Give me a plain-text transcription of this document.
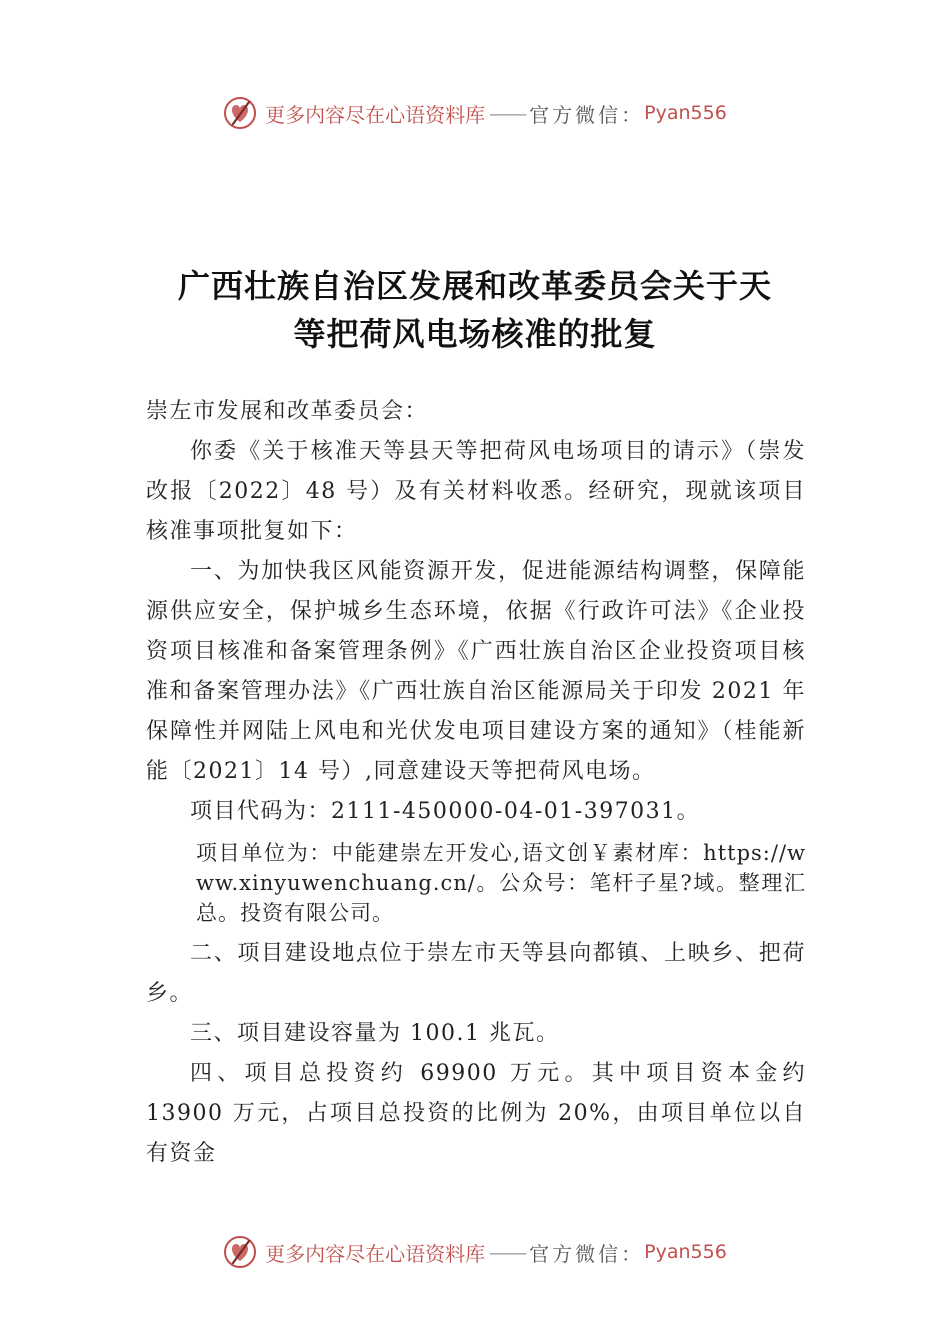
更多内容尽在心语资料库 —— 官方微信： Pyan556
广西壮族自治区发展和改革委员会关于天
等把荷风电场核准的批复

崇左市发展和改革委员会：

你委《关于核准天等县天等把荷风电场项目的请示》（崇发改报〔2022〕48 号）及有关材料收悉。经研究，现就该项目核准事项批复如下：

一、为加快我区风能资源开发，促进能源结构调整，保障能源供应安全，保护城乡生态环境，依据《行政许可法》《企业投资项目核准和备案管理条例》《广西壮族自治区企业投资项目核准和备案管理办法》《广西壮族自治区能源局关于印发 2021 年保障性并网陆上风电和光伏发电项目建设方案的通知》（桂能新能〔2021〕14 号）,同意建设天等把荷风电场。

项目代码为：2111-450000-04-01-397031。

项目单位为：中能建崇左开发心,语文创￥素材库：https://www.xinyuwenchuang.cn/。公众号：笔杆子星?域。整理汇总。投资有限公司。

二、项目建设地点位于崇左市天等县向都镇、上映乡、把荷乡。

三、项目建设容量为 100.1 兆瓦。

四、项目总投资约 69900 万元。其中项目资本金约 13900 万元，占项目总投资的比例为 20%，由项目单位以自有资金

更多内容尽在心语资料库 —— 官方微信： Pyan556
